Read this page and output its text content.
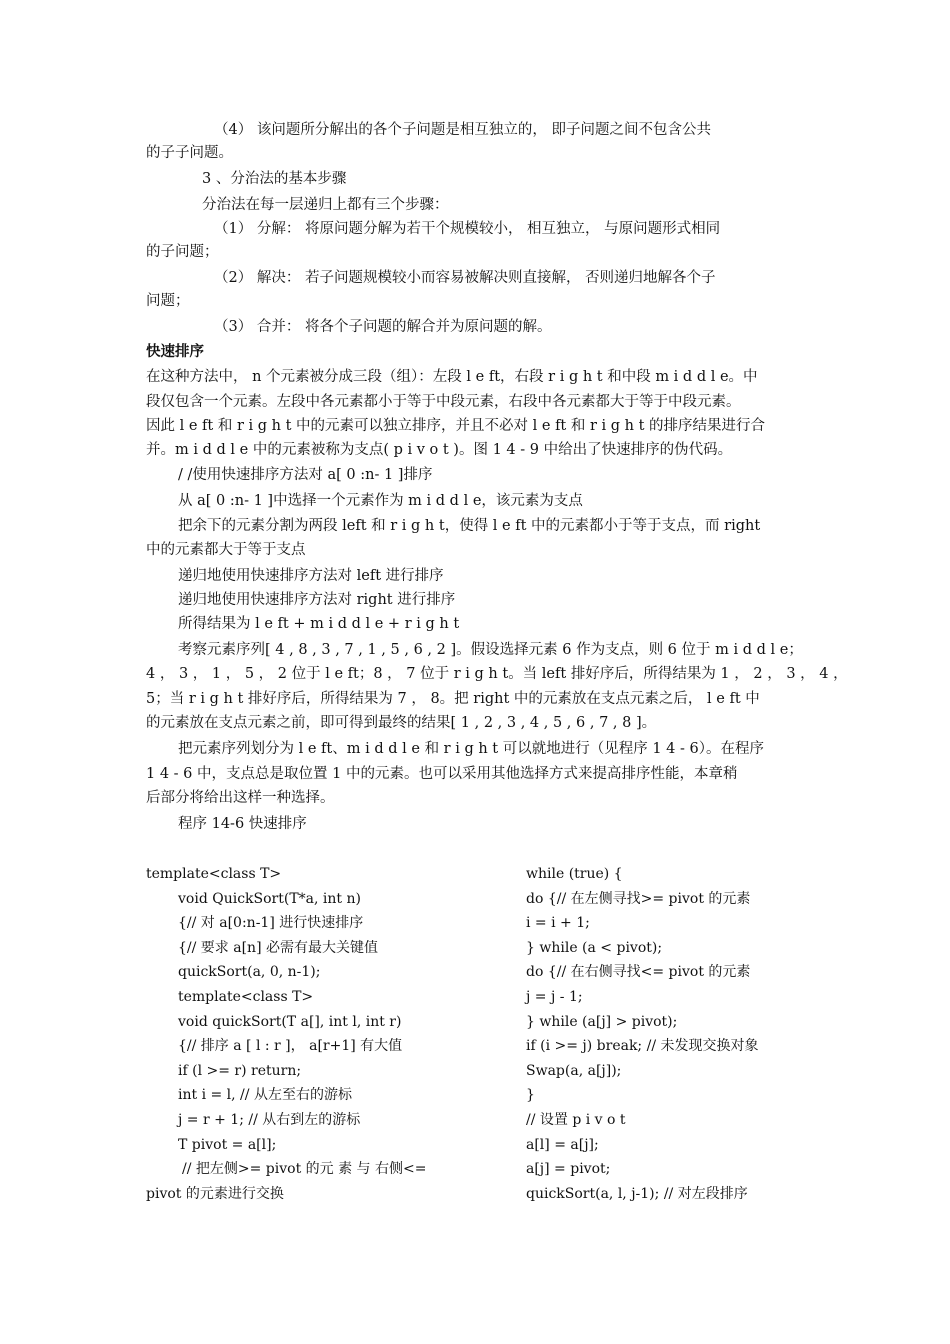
（4） 该问题所分解出的各个子问题是相互独立的， 即子问题之间不包含公共
的子子问题。
3 、分治法的基本步骤
分治法在每一层递归上都有三个步骤：
（1） 分解： 将原问题分解为若干个规模较小， 相互独立， 与原问题形式相同
的子问题；
（2） 解决： 若子问题规模较小而容易被解决则直接解， 否则递归地解各个子
问题；
（3） 合并： 将各个子问题的解合并为原问题的解。
快速排序
在这种方法中， n 个元素被分成三段（组）：左段 l e ft，右段 r i g h t 和中段 m i d d l e。中
段仅包含一个元素。左段中各元素都小于等于中段元素，右段中各元素都大于等于中段元素。
因此 l e ft 和 r i g h t 中的元素可以独立排序，并且不必对 l e ft 和 r i g h t 的排序结果进行合
并。m i d d l e 中的元素被称为支点( p i v o t )。图 1 4 - 9 中给出了快速排序的伪代码。
/ /使用快速排序方法对 a[ 0 :n- 1 ]排序
从 a[ 0 :n- 1 ]中选择一个元素作为 m i d d l e，该元素为支点
把余下的元素分割为两段 left 和 r i g h t，使得 l e ft 中的元素都小于等于支点，而 right
中的元素都大于等于支点
递归地使用快速排序方法对 left 进行排序
递归地使用快速排序方法对 right 进行排序
所得结果为 l e ft + m i d d l e + r i g h t
考察元素序列[ 4 , 8 , 3 , 7 , 1 , 5 , 6 , 2 ]。假设选择元素 6 作为支点，则 6 位于 m i d d l e；
4 ， 3 ， 1 ， 5 ， 2 位于 l e ft；8 ， 7 位于 r i g h t。当 left 排好序后，所得结果为 1 ， 2 ， 3 ， 4 ，
5；当 r i g h t 排好序后，所得结果为 7 ， 8。把 right 中的元素放在支点元素之后， l e ft 中
的元素放在支点元素之前，即可得到最终的结果[ 1 , 2 , 3 , 4 , 5 , 6 , 7 , 8 ]。
把元素序列划分为 l e ft、m i d d l e 和 r i g h t 可以就地进行（见程序 1 4 - 6）。在程序
1 4 - 6 中，支点总是取位置 1 中的元素。也可以采用其他选择方式来提高排序性能，本章稍
后部分将给出这样一种选择。
程序 14-6 快速排序
template<class T>
void QuickSort(T*a, int n)
{// 对 a[0:n-1] 进行快速排序
{// 要求 a[n] 必需有最大关键值
quickSort(a, 0, n-1);
template<class T>
void quickSort(T a[], int l, int r)
{// 排序 a [ l : r ]， a[r+1] 有大值
if (l >= r) return;
int i = l, // 从左至右的游标
j = r + 1; // 从右到左的游标
T pivot = a[l];
// 把左侧>= pivot 的元 素 与 右侧<=
pivot 的元素进行交换
while (true) {
do {// 在左侧寻找>= pivot 的元素
i = i + 1;
} while (a < pivot);
do {// 在右侧寻找<= pivot 的元素
j = j - 1;
} while (a[j] > pivot);
if (i >= j) break; // 未发现交换对象
Swap(a, a[j]);
}
// 设置 p i v o t
a[l] = a[j];
a[j] = pivot;
quickSort(a, l, j-1); // 对左段排序
